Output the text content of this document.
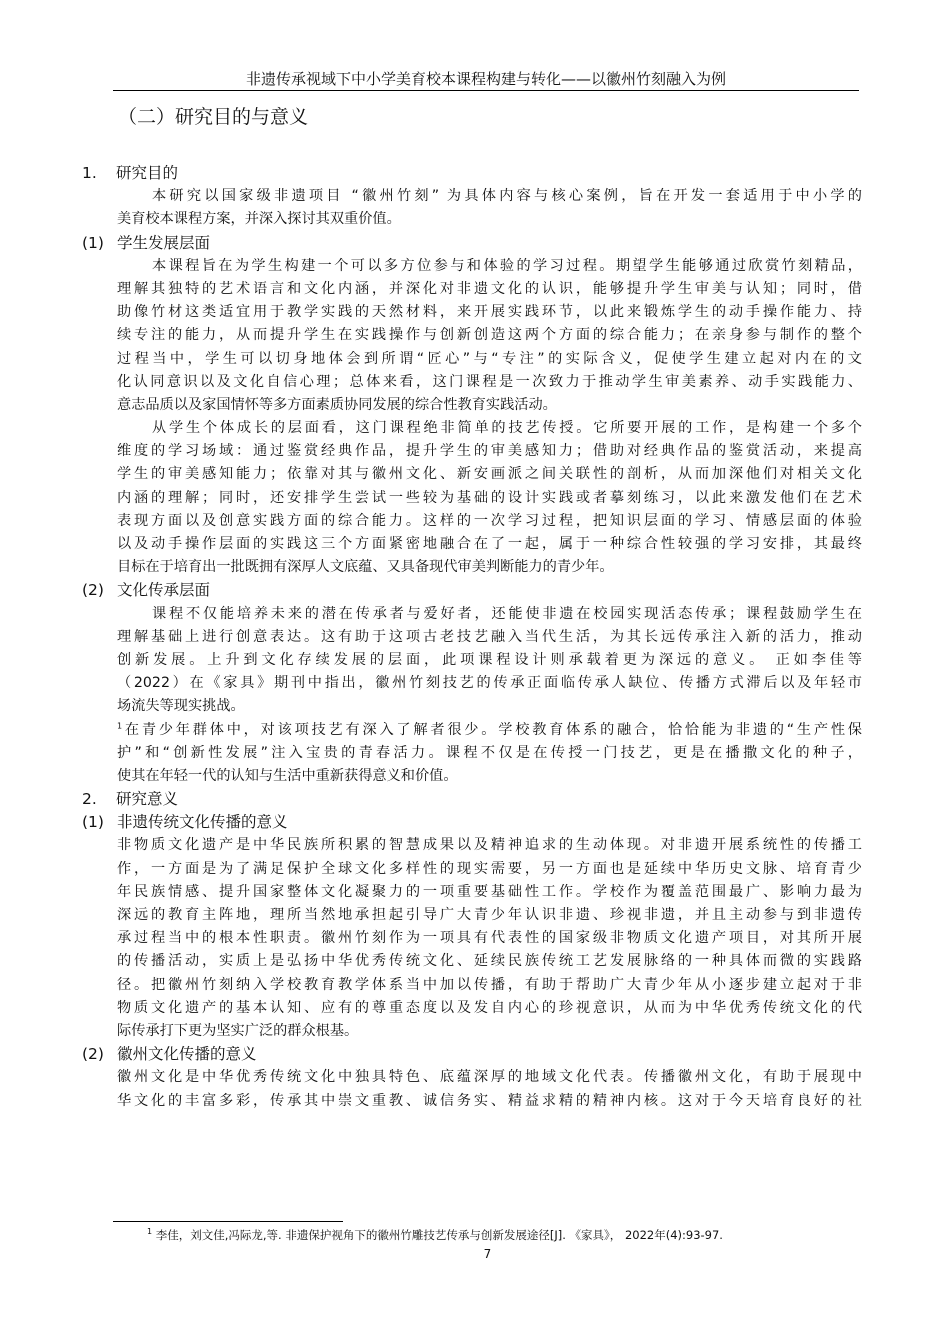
非遗传承视域下中小学美育校本课程构建与转化——以徽州竹刻融入为例
（二）研究目的与意义
1. 研究目的
本研究以国家级非遗项目 “徽州竹刻” 为具体内容与核心案例，旨在开发一套适用于中小学的
美育校本课程方案，并深入探讨其双重价值。
(1) 学生发展层面
本课程旨在为学生构建一个可以多方位参与和体验的学习过程。期望学生能够通过欣赏竹刻精品，
理解其独特的艺术语言和文化内涵，并深化对非遗文化的认识，能够提升学生审美与认知；同时，借
助像竹材这类适宜用于教学实践的天然材料，来开展实践环节，以此来锻炼学生的动手操作能力、持
续专注的能力，从而提升学生在实践操作与创新创造这两个方面的综合能力；在亲身参与制作的整个
过程当中，学生可以切身地体会到所谓“匠心”与“专注”的实际含义，促使学生建立起对内在的文
化认同意识以及文化自信心理；总体来看，这门课程是一次致力于推动学生审美素养、动手实践能力、
意志品质以及家国情怀等多方面素质协同发展的综合性教育实践活动。
从学生个体成长的层面看，这门课程绝非简单的技艺传授。它所要开展的工作，是构建一个多个
维度的学习场域：通过鉴赏经典作品，提升学生的审美感知力；借助对经典作品的鉴赏活动，来提高
学生的审美感知能力；依靠对其与徽州文化、新安画派之间关联性的剖析，从而加深他们对相关文化
内涵的理解；同时，还安排学生尝试一些较为基础的设计实践或者摹刻练习，以此来激发他们在艺术
表现方面以及创意实践方面的综合能力。这样的一次学习过程，把知识层面的学习、情感层面的体验
以及动手操作层面的实践这三个方面紧密地融合在了一起，属于一种综合性较强的学习安排，其最终
目标在于培育出一批既拥有深厚人文底蕴、又具备现代审美判断能力的青少年。
(2) 文化传承层面
课程不仅能培养未来的潜在传承者与爱好者，还能使非遗在校园实现活态传承；课程鼓励学生在
理解基础上进行创意表达。这有助于这项古老技艺融入当代生活，为其长远传承注入新的活力，推动
创新发展。上升到文化存续发展的层面，此项课程设计则承载着更为深远的意义。 正如李佳等
（2022）在《家具》期刊中指出，徽州竹刻技艺的传承正面临传承人缺位、传播方式滞后以及年轻市
场流失等现实挑战。
$^1$在青少年群体中，对该项技艺有深入了解者很少。学校教育体系的融合，恰恰能为非遗的“生产性保
护”和“创新性发展”注入宝贵的青春活力。课程不仅是在传授一门技艺，更是在播撒文化的种子，
使其在年轻一代的认知与生活中重新获得意义和价值。
2. 研究意义
(1) 非遗传统文化传播的意义
非物质文化遗产是中华民族所积累的智慧成果以及精神追求的生动体现。对非遗开展系统性的传播工
作，一方面是为了满足保护全球文化多样性的现实需要，另一方面也是延续中华历史文脉、培育青少
年民族情感、提升国家整体文化凝聚力的一项重要基础性工作。学校作为覆盖范围最广、影响力最为
深远的教育主阵地，理所当然地承担起引导广大青少年认识非遗、珍视非遗，并且主动参与到非遗传
承过程当中的根本性职责。徽州竹刻作为一项具有代表性的国家级非物质文化遗产项目，对其所开展
的传播活动，实质上是弘扬中华优秀传统文化、延续民族传统工艺发展脉络的一种具体而微的实践路
径。把徽州竹刻纳入学校教育教学体系当中加以传播，有助于帮助广大青少年从小逐步建立起对于非
物质文化遗产的基本认知、应有的尊重态度以及发自内心的珍视意识，从而为中华优秀传统文化的代
际传承打下更为坚实广泛的群众根基。
(2) 徽州文化传播的意义
徽州文化是中华优秀传统文化中独具特色、底蕴深厚的地域文化代表。传播徽州文化，有助于展现中
华文化的丰富多彩，传承其中崇文重教、诚信务实、精益求精的精神内核。这对于今天培育良好的社
$^1$ 李佳，刘文佳,冯际龙,等. 非遗保护视角下的徽州竹雕技艺传承与创新发展途径[J]. 《家具》， 2022年(4):93-97.
7
